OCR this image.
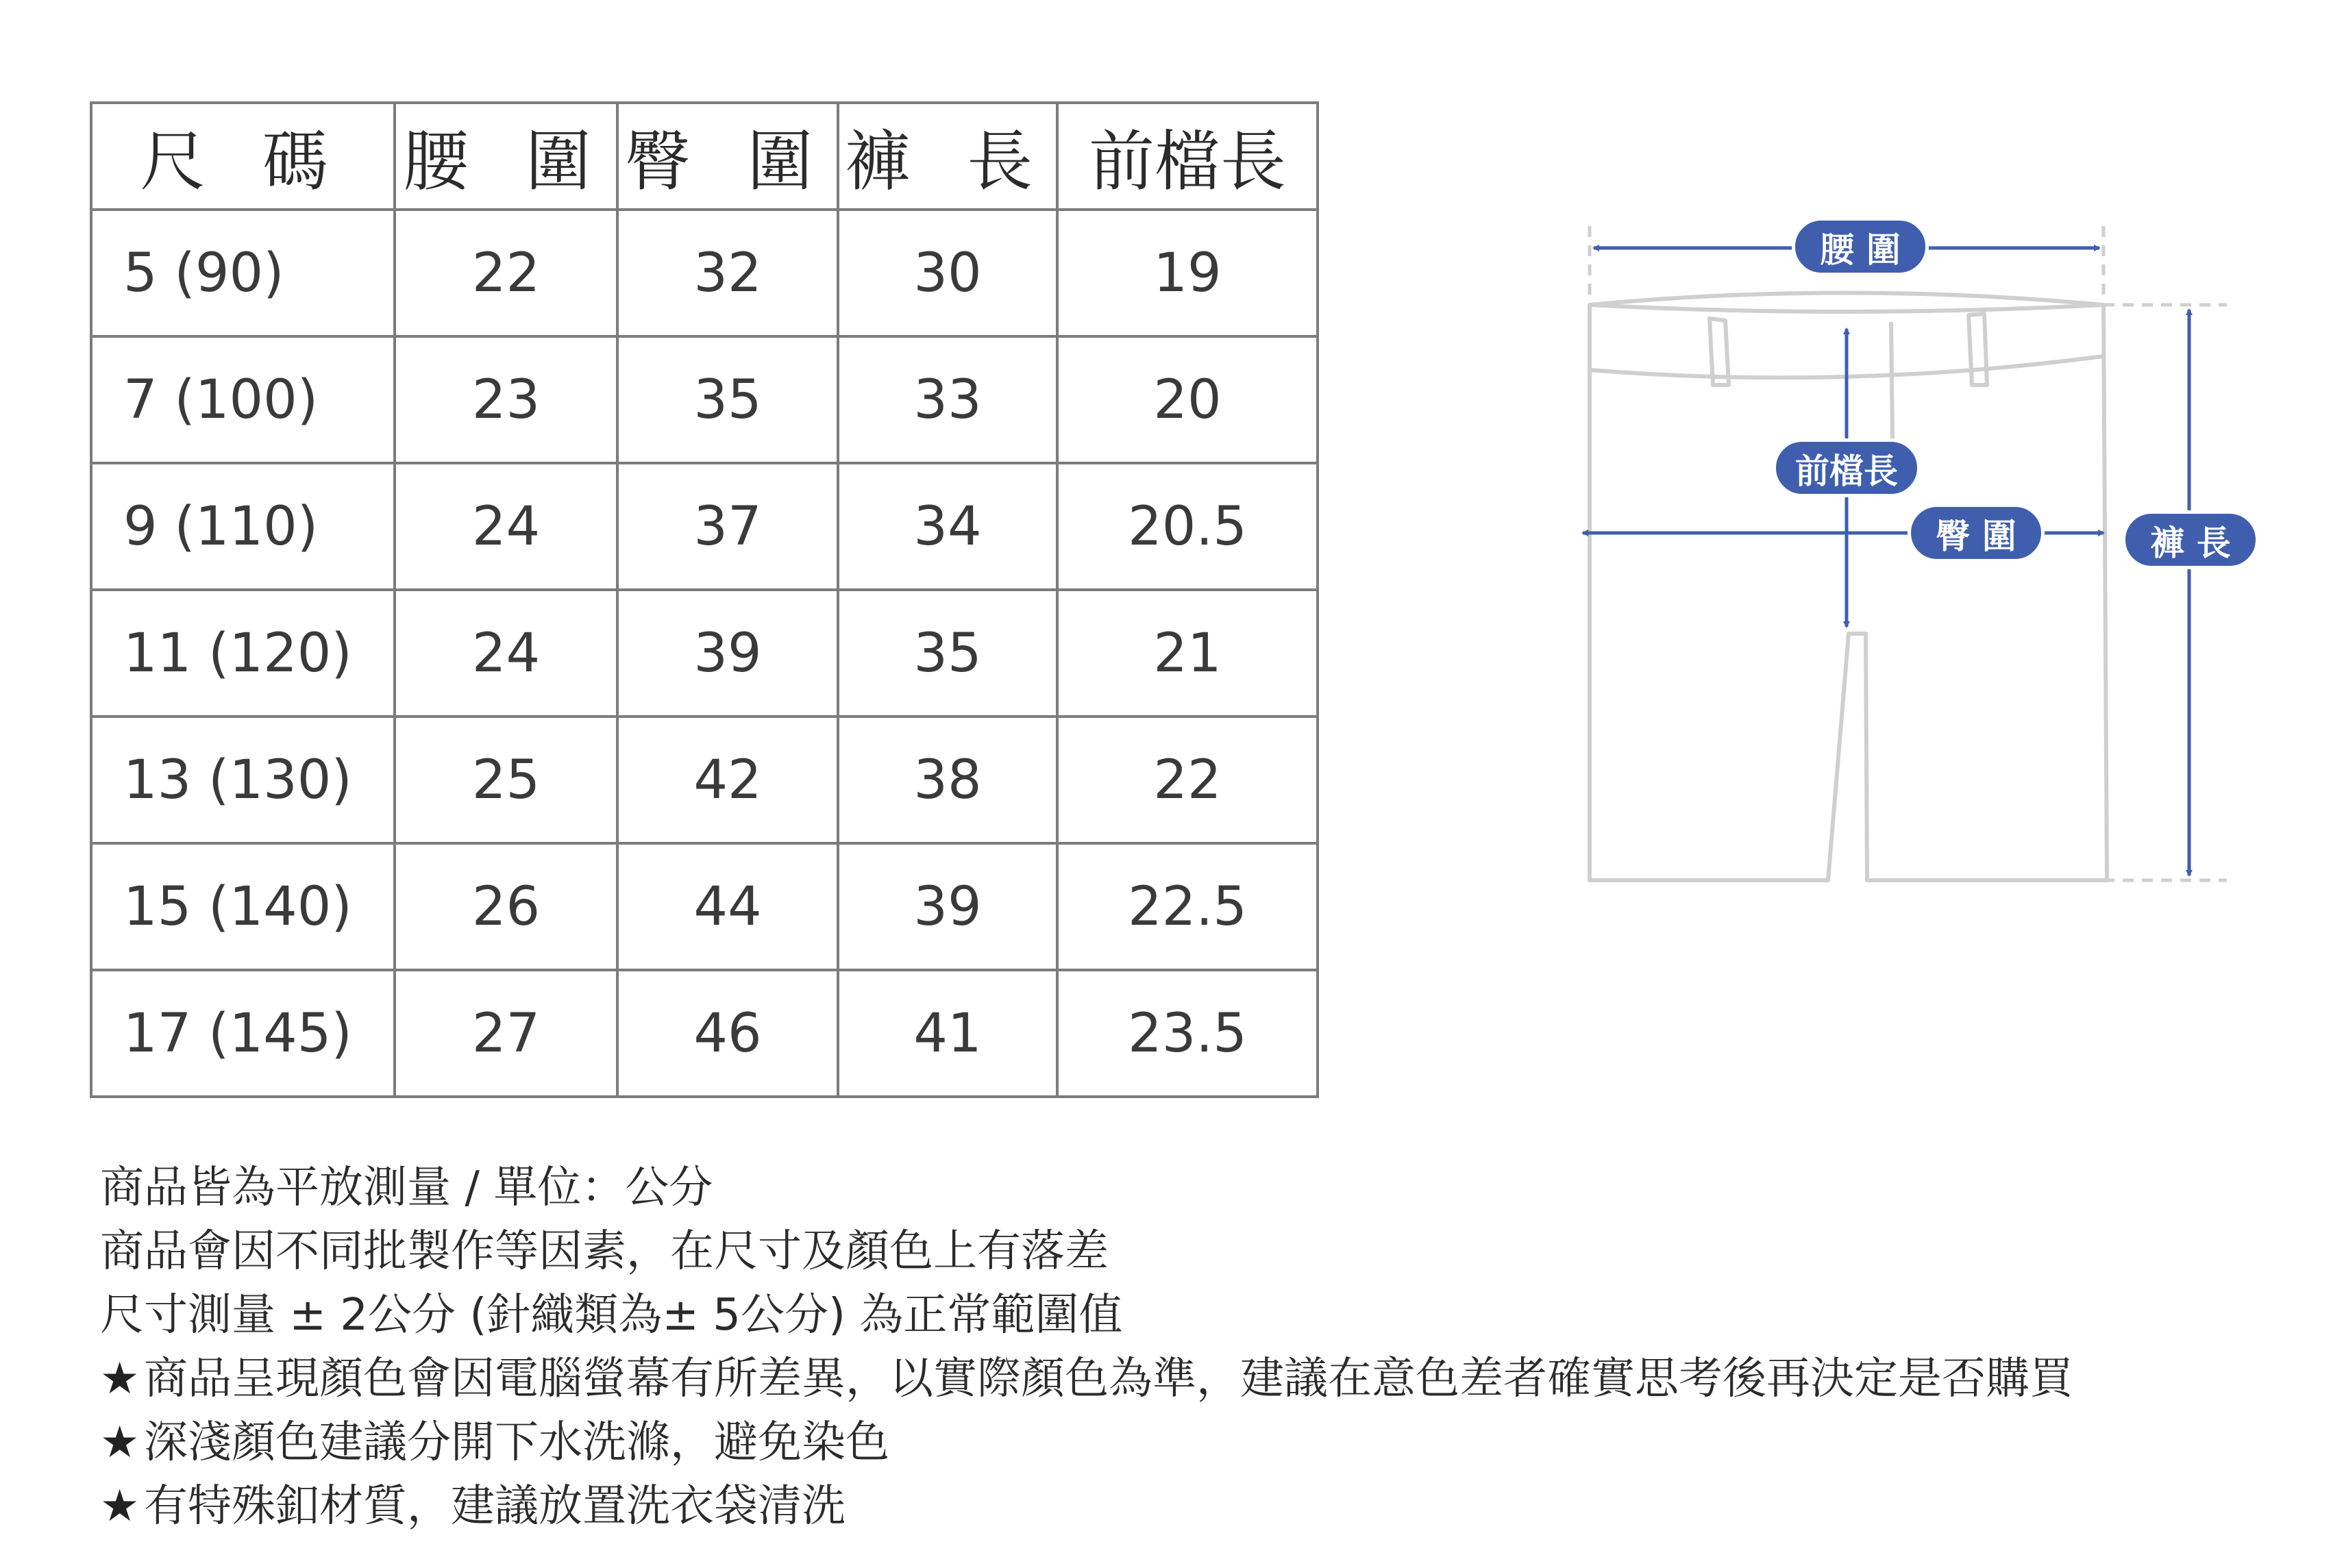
尺 碼	腰 圍	臀 圍	褲 長	前檔長
5 (90)	22	32	30	19
7 (100)	23	35	33	20
9 (110)	24	37	34	20.5
11 (120)	24	39	35	21
13 (130)	25	42	38	22
15 (140)	26	44	39	22.5
17 (145)	27	46	41	23.5
腰 圍
前檔長
臀 圍	褲 長
商品皆為平放測量 / 單位：公分
商品會因不同批製作等因素，在尺寸及顏色上有落差
尺寸測量 ± 2公分 (針織類為± 5公分) 為正常範圍值
★ 商品呈現顏色會因電腦螢幕有所差異，以實際顏色為準，建議在意色差者確實思考後再決定是否購買
★ 深淺顏色建議分開下水洗滌，避免染色
★ 有特殊釦材質，建議放置洗衣袋清洗
